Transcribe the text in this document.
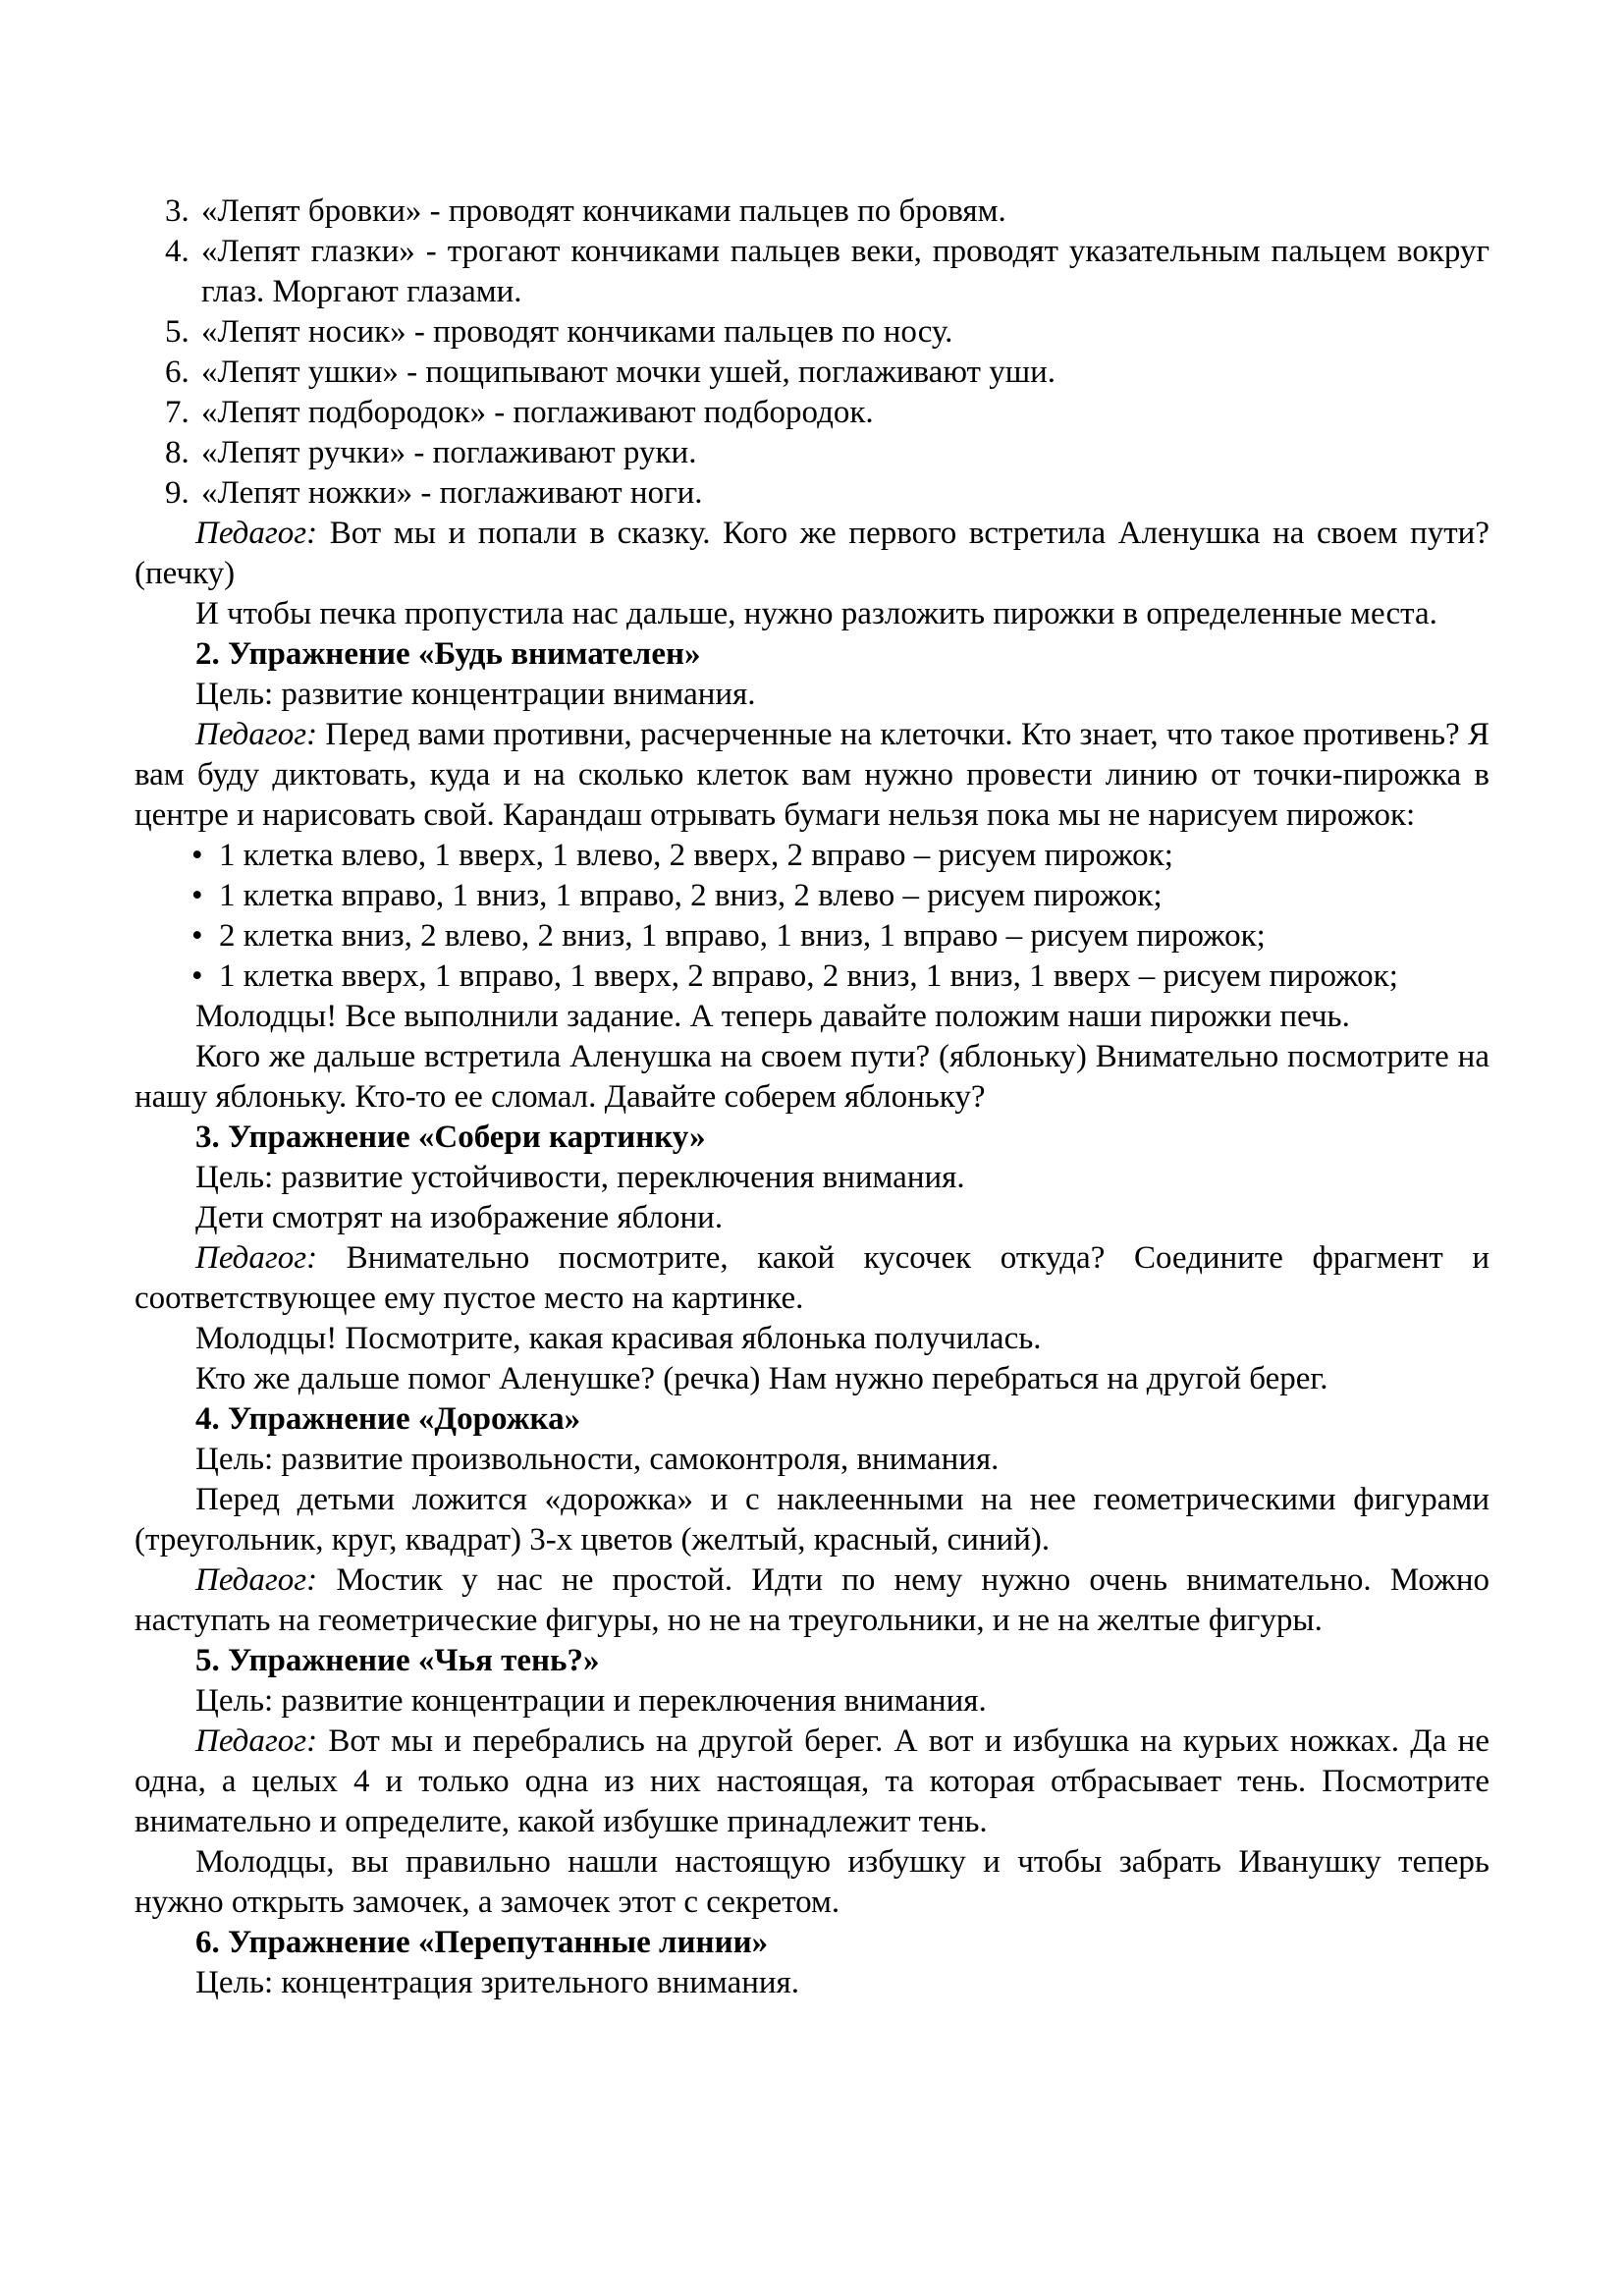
3. «Лепят бровки» - проводят кончиками пальцев по бровям.
4. «Лепят глазки» - трогают кончиками пальцев веки, проводят указательным пальцем вокруг глаз. Моргают глазами.
5. «Лепят носик» - проводят кончиками пальцев по носу.
6. «Лепят ушки» - пощипывают мочки ушей, поглаживают уши.
7. «Лепят подбородок» - поглаживают подбородок.
8. «Лепят ручки» - поглаживают руки.
9. «Лепят ножки» - поглаживают ноги.

Педагог: Вот мы и попали в сказку. Кого же первого встретила Аленушка на своем пути? (печку)

И чтобы печка пропустила нас дальше, нужно разложить пирожки в определенные места.

2. Упражнение «Будь внимателен»

Цель: развитие концентрации внимания.

Педагог: Перед вами противни, расчерченные на клеточки. Кто знает, что такое противень? Я вам буду диктовать, куда и на сколько клеток вам нужно провести линию от точки-пирожка в центре и нарисовать свой. Карандаш отрывать бумаги нельзя пока мы не нарисуем пирожок:

• 1 клетка влево, 1 вверх, 1 влево, 2 вверх, 2 вправо – рисуем пирожок;
• 1 клетка вправо, 1 вниз, 1 вправо, 2 вниз, 2 влево – рисуем пирожок;
• 2 клетка вниз, 2 влево, 2 вниз, 1 вправо, 1 вниз, 1 вправо – рисуем пирожок;
• 1 клетка вверх, 1 вправо, 1 вверх, 2 вправо, 2 вниз, 1 вниз, 1 вверх – рисуем пирожок;

Молодцы! Все выполнили задание. А теперь давайте положим наши пирожки печь.

Кого же дальше встретила Аленушка на своем пути? (яблоньку) Внимательно посмотрите на нашу яблоньку. Кто-то ее сломал. Давайте соберем яблоньку?

3. Упражнение «Собери картинку»

Цель: развитие устойчивости, переключения внимания.

Дети смотрят на изображение яблони.

Педагог: Внимательно посмотрите, какой кусочек откуда? Соедините фрагмент и соответствующее ему пустое место на картинке.

Молодцы! Посмотрите, какая красивая яблонька получилась.

Кто же дальше помог Аленушке? (речка) Нам нужно перебраться на другой берег.

4. Упражнение «Дорожка»

Цель: развитие произвольности, самоконтроля, внимания.

Перед детьми ложится «дорожка» и с наклеенными на нее геометрическими фигурами (треугольник, круг, квадрат) 3-х цветов (желтый, красный, синий).

Педагог: Мостик у нас не простой. Идти по нему нужно очень внимательно. Можно наступать на геометрические фигуры, но не на треугольники, и не на желтые фигуры.

5. Упражнение «Чья тень?»

Цель: развитие концентрации и переключения внимания.

Педагог: Вот мы и перебрались на другой берег. А вот и избушка на курьих ножках. Да не одна, а целых 4 и только одна из них настоящая, та которая отбрасывает тень. Посмотрите внимательно и определите, какой избушке принадлежит тень.

Молодцы, вы правильно нашли настоящую избушку и чтобы забрать Иванушку теперь нужно открыть замочек, а замочек этот с секретом.

6. Упражнение «Перепутанные линии»

Цель: концентрация зрительного внимания.
